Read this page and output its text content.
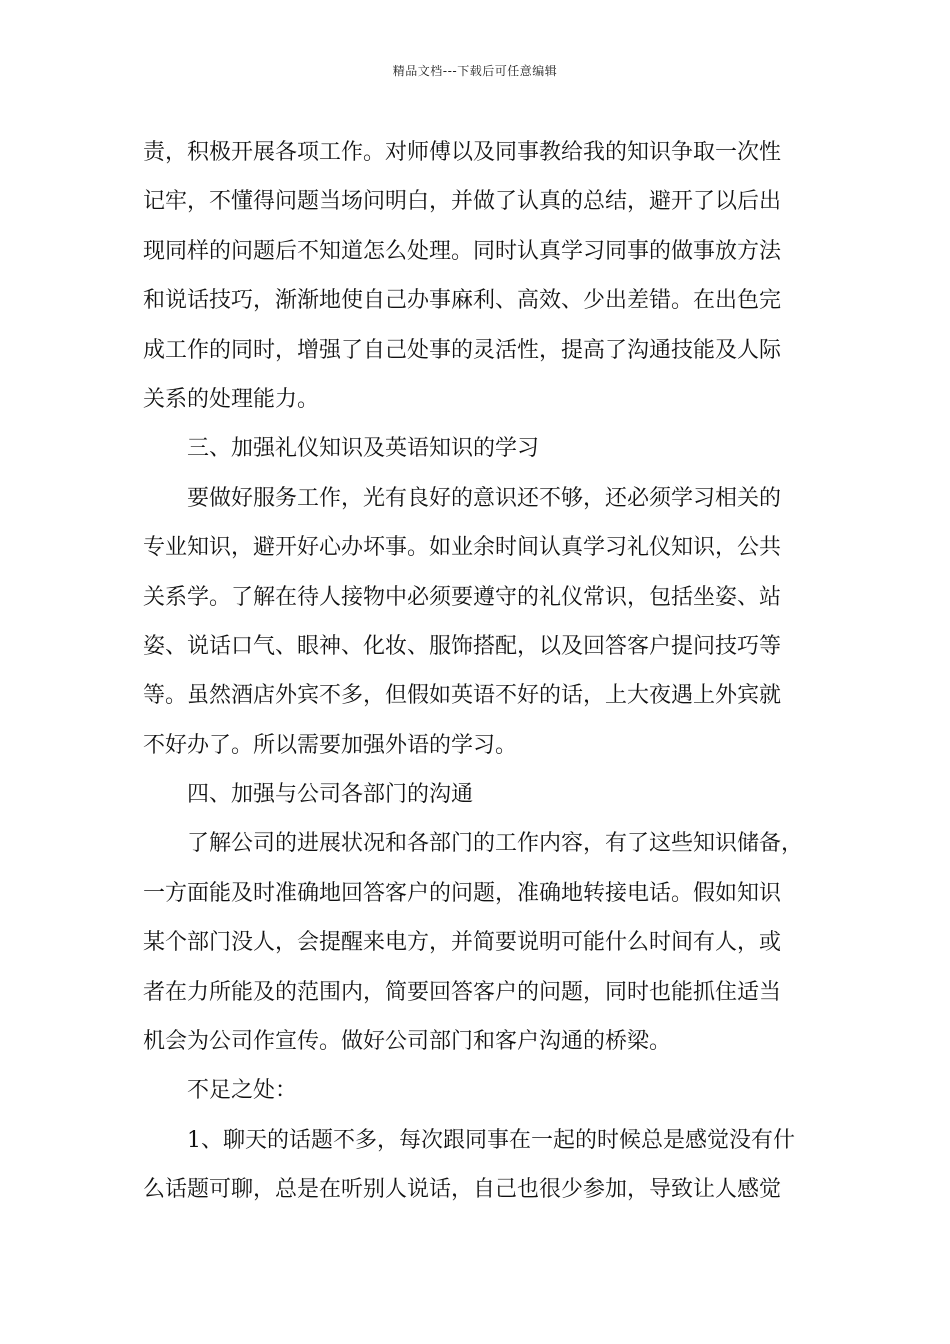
精品文档---下载后可任意编辑
责，积极开展各项工作。对师傅以及同事教给我的知识争取一次性
记牢，不懂得问题当场问明白，并做了认真的总结，避开了以后出
现同样的问题后不知道怎么处理。同时认真学习同事的做事放方法
和说话技巧，渐渐地使自己办事麻利、高效、少出差错。在出色完
成工作的同时，增强了自己处事的灵活性，提高了沟通技能及人际
关系的处理能力。
三、加强礼仪知识及英语知识的学习
要做好服务工作，光有良好的意识还不够，还必须学习相关的
专业知识，避开好心办坏事。如业余时间认真学习礼仪知识，公共
关系学。了解在待人接物中必须要遵守的礼仪常识，包括坐姿、站
姿、说话口气、眼神、化妆、服饰搭配，以及回答客户提问技巧等
等。虽然酒店外宾不多，但假如英语不好的话，上大夜遇上外宾就
不好办了。所以需要加强外语的学习。
四、加强与公司各部门的沟通
了解公司的进展状况和各部门的工作内容，有了这些知识储备，
一方面能及时准确地回答客户的问题，准确地转接电话。假如知识
某个部门没人，会提醒来电方，并简要说明可能什么时间有人，或
者在力所能及的范围内，简要回答客户的问题，同时也能抓住适当
机会为公司作宣传。做好公司部门和客户沟通的桥梁。
不足之处：
1、聊天的话题不多，每次跟同事在一起的时候总是感觉没有什
么话题可聊，总是在听别人说话，自己也很少参加，导致让人感觉
